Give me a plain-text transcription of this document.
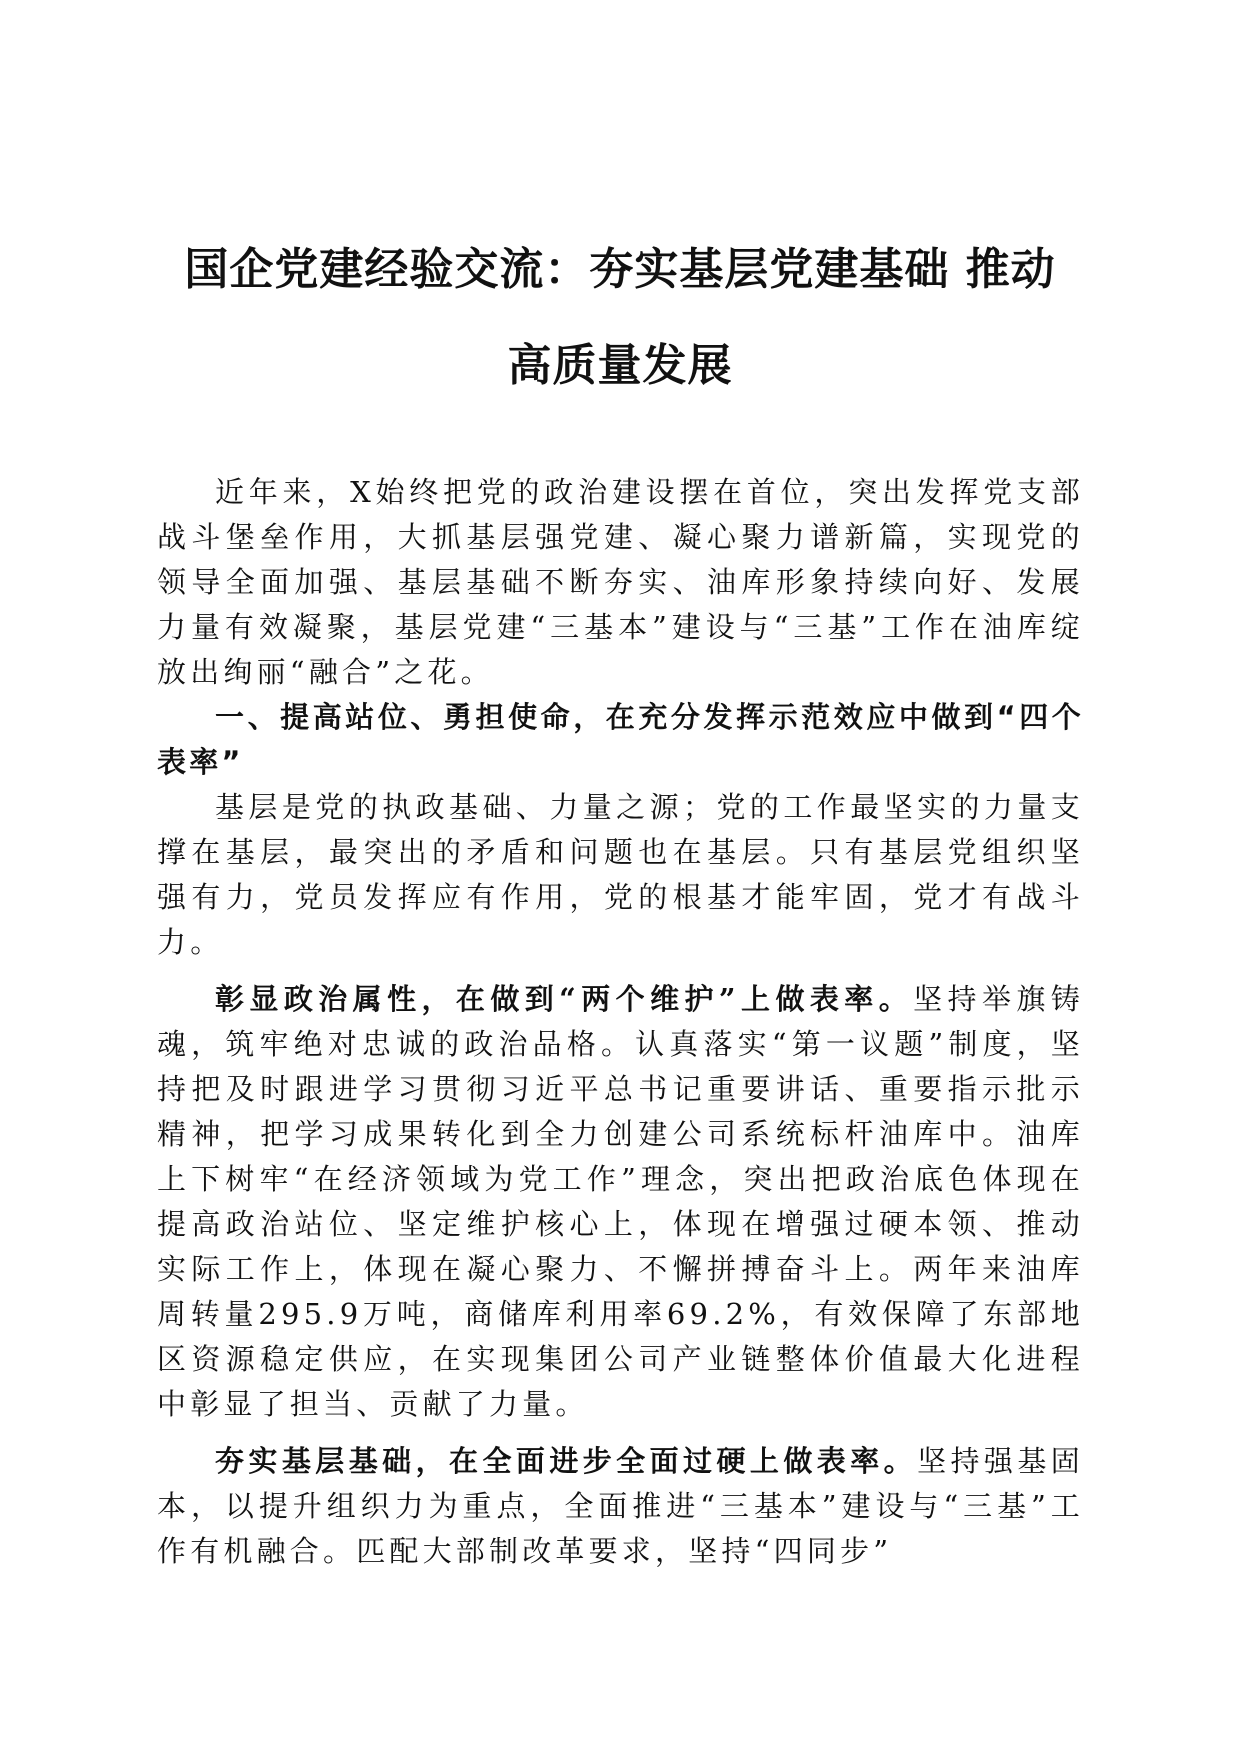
国企党建经验交流：夯实基层党建基础 推动
高质量发展

近年来，X始终把党的政治建设摆在首位，突出发挥党支部战斗堡垒作用，大抓基层强党建、凝心聚力谱新篇，实现党的领导全面加强、基层基础不断夯实、油库形象持续向好、发展力量有效凝聚，基层党建“三基本”建设与“三基”工作在油库绽放出绚丽“融合”之花。

一、提高站位、勇担使命，在充分发挥示范效应中做到“四个表率”

基层是党的执政基础、力量之源；党的工作最坚实的力量支撑在基层，最突出的矛盾和问题也在基层。只有基层党组织坚强有力，党员发挥应有作用，党的根基才能牢固，党才有战斗力。

彰显政治属性，在做到“两个维护”上做表率。坚持举旗铸魂，筑牢绝对忠诚的政治品格。认真落实“第一议题”制度，坚持把及时跟进学习贯彻习近平总书记重要讲话、重要指示批示精神，把学习成果转化到全力创建公司系统标杆油库中。油库上下树牢“在经济领域为党工作”理念，突出把政治底色体现在提高政治站位、坚定维护核心上，体现在增强过硬本领、推动实际工作上，体现在凝心聚力、不懈拼搏奋斗上。两年来油库周转量295.9万吨，商储库利用率69.2%，有效保障了东部地区资源稳定供应，在实现集团公司产业链整体价值最大化进程中彰显了担当、贡献了力量。

夯实基层基础，在全面进步全面过硬上做表率。坚持强基固本，以提升组织力为重点，全面推进“三基本”建设与“三基”工作有机融合。匹配大部制改革要求，坚持“四同步”
